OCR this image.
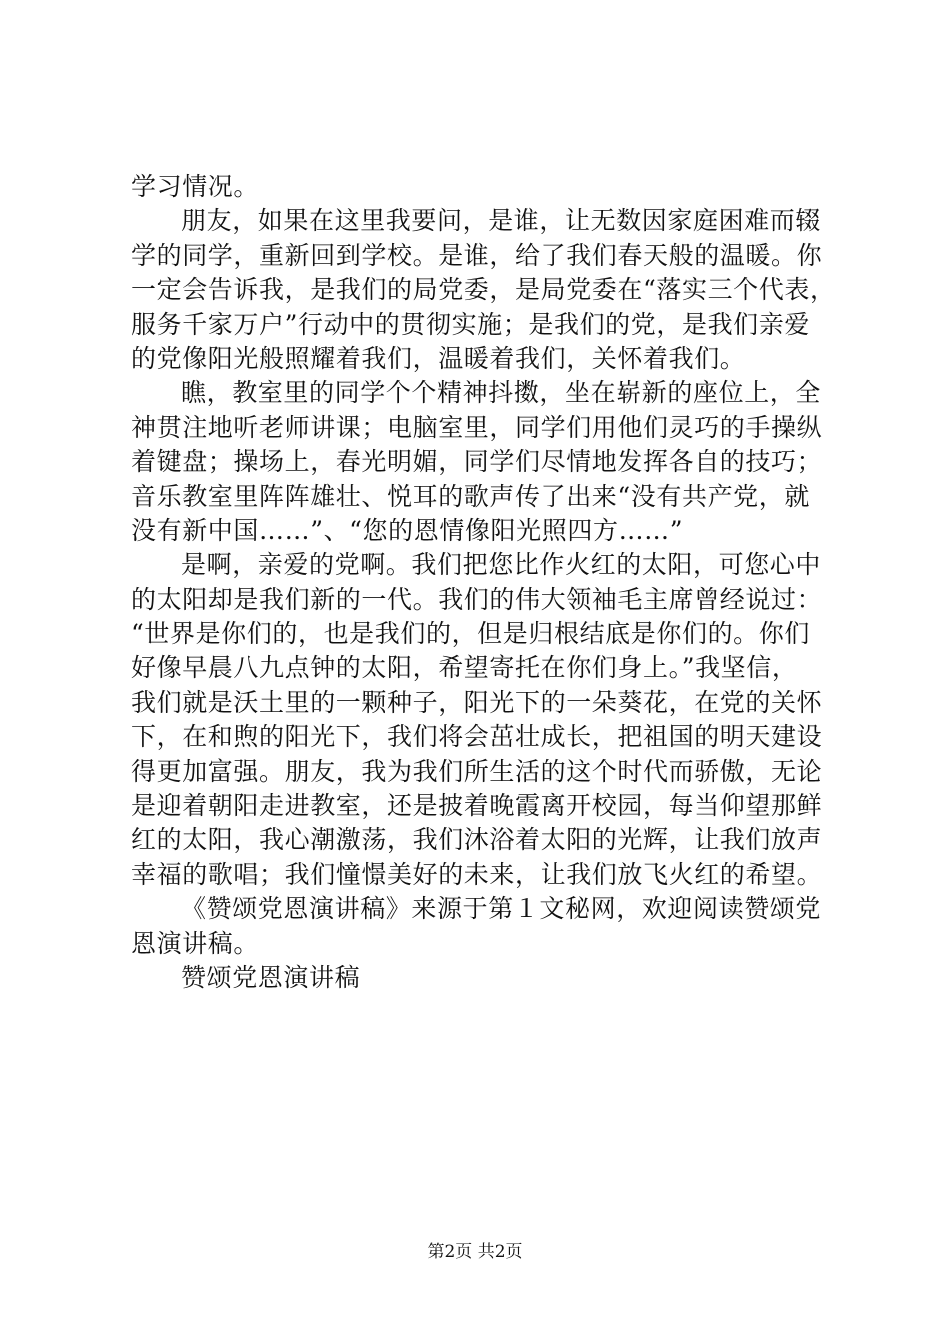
学习情况。
朋友，如果在这里我要问，是谁，让无数因家庭困难而辍
学的同学，重新回到学校。是谁，给了我们春天般的温暖。你
一定会告诉我，是我们的局党委，是局党委在“落实三个代表，
服务千家万户”行动中的贯彻实施；是我们的党，是我们亲爱
的党像阳光般照耀着我们，温暖着我们，关怀着我们。
瞧，教室里的同学个个精神抖擞，坐在崭新的座位上，全
神贯注地听老师讲课；电脑室里，同学们用他们灵巧的手操纵
着键盘；操场上，春光明媚，同学们尽情地发挥各自的技巧；
音乐教室里阵阵雄壮、悦耳的歌声传了出来“没有共产党，就
没有新中国……”、“您的恩情像阳光照四方……”
是啊，亲爱的党啊。我们把您比作火红的太阳，可您心中
的太阳却是我们新的一代。我们的伟大领袖毛主席曾经说过：
“世界是你们的，也是我们的，但是归根结底是你们的。你们
好像早晨八九点钟的太阳，希望寄托在你们身上。”我坚信，
我们就是沃土里的一颗种子，阳光下的一朵葵花，在党的关怀
下，在和煦的阳光下，我们将会茁壮成长，把祖国的明天建设
得更加富强。朋友，我为我们所生活的这个时代而骄傲，无论
是迎着朝阳走进教室，还是披着晚霞离开校园，每当仰望那鲜
红的太阳，我心潮激荡，我们沐浴着太阳的光辉，让我们放声
幸福的歌唱；我们憧憬美好的未来，让我们放飞火红的希望。
《赞颂党恩演讲稿》来源于第１文秘网，欢迎阅读赞颂党
恩演讲稿。
赞颂党恩演讲稿
第2页 共2页
